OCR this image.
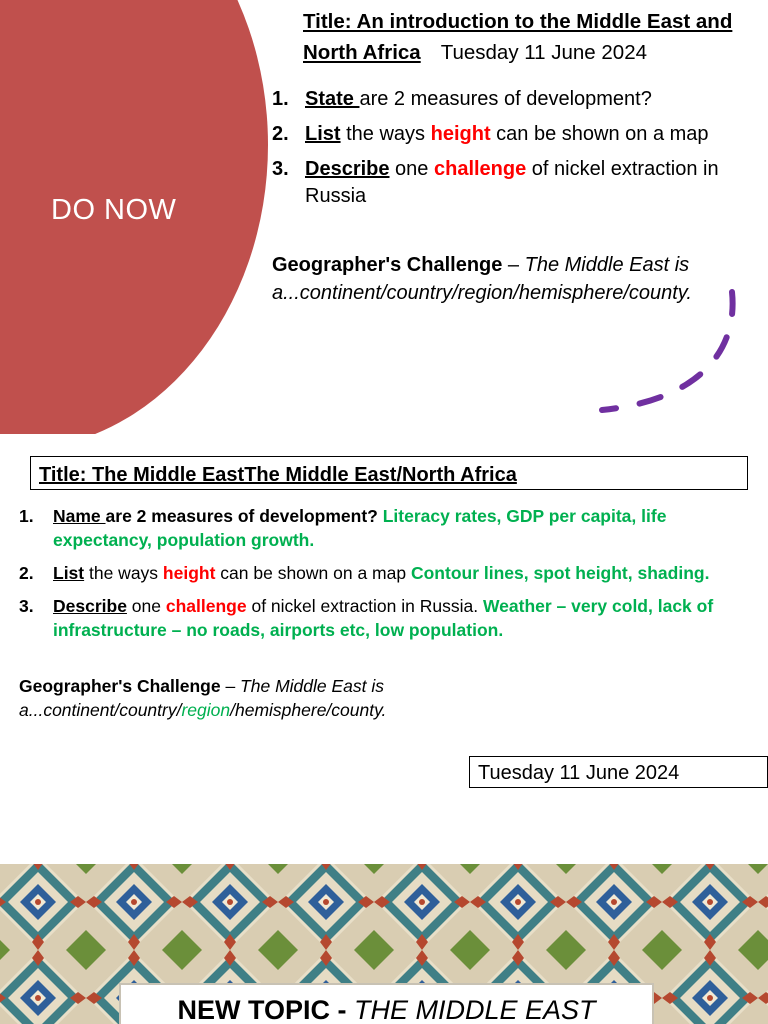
DO NOW
Title: An introduction to the Middle East and North Africa Tuesday 11 June 2024
1. State are 2 measures of development?
2. List the ways height can be shown on a map
3. Describe one challenge of nickel extraction in Russia
Geographer's Challenge – The Middle East is a...continent/country/region/hemisphere/county.
Title: The Middle EastThe Middle East/North Africa
1. Name are 2 measures of development? Literacy rates, GDP per capita, life expectancy, population growth.
2. List the ways height can be shown on a map Contour lines, spot height, shading.
3. Describe one challenge of nickel extraction in Russia. Weather – very cold, lack of infrastructure – no roads, airports etc, low population.
Geographer's Challenge – The Middle East is a...continent/country/region/hemisphere/county.
Tuesday 11 June 2024
NEW TOPIC - THE MIDDLE EAST
